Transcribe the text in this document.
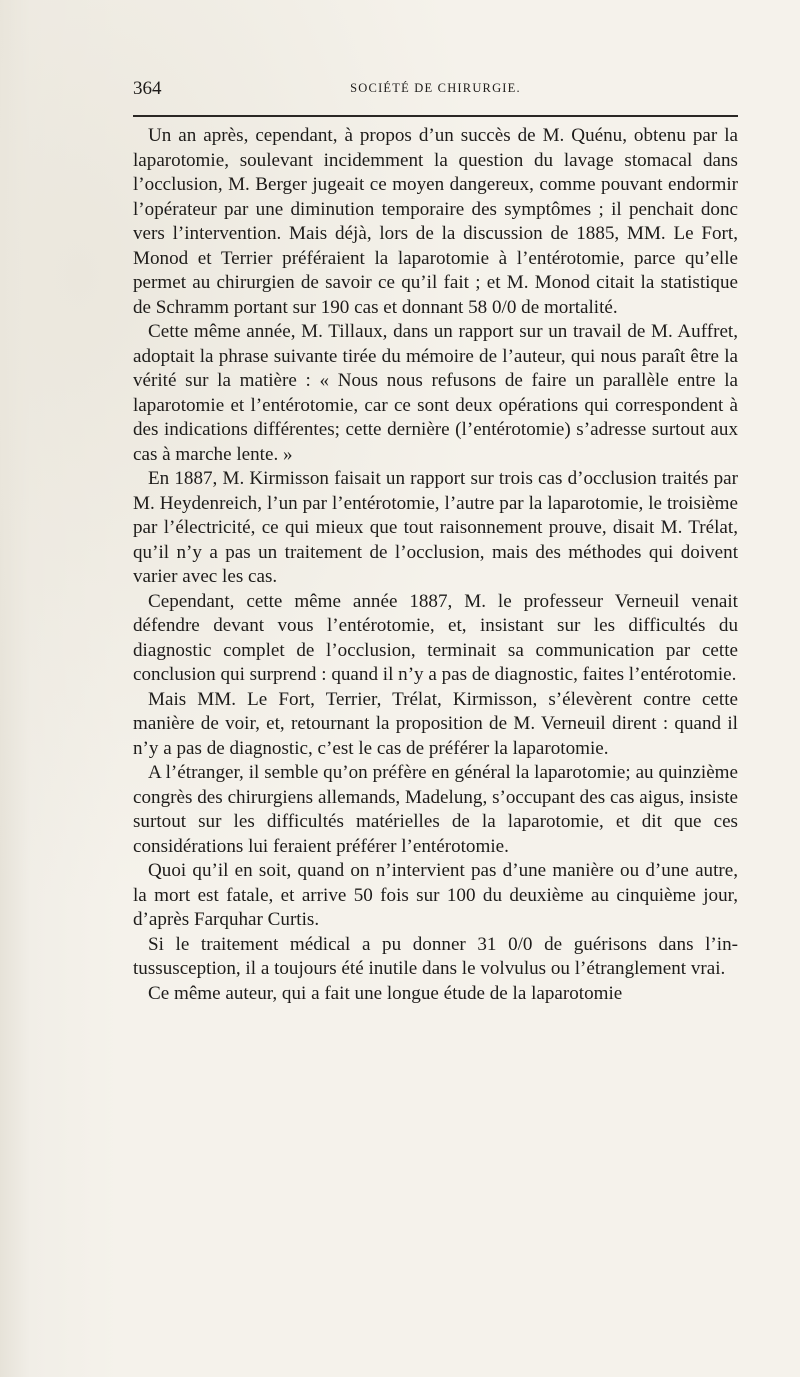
364	SOCIÉTÉ DE CHIRURGIE.

Un an après, cependant, à propos d’un succès de M. Quénu, obtenu par la laparotomie, soulevant incidemment la question du lavage stomacal dans l’occlusion, M. Berger jugeait ce moyen dangereux, comme pouvant endormir l’opérateur par une diminution temporaire des symptômes ; il penchait donc vers l’intervention. Mais déjà, lors de la discussion de 1885, MM. Le Fort, Monod et Terrier préféraient la laparotomie à l’entérotomie, parce qu’elle permet au chirurgien de savoir ce qu’il fait ; et M. Monod citait la statistique de Schramm portant sur 190 cas et donnant 58 0/0 de mortalité.

Cette même année, M. Tillaux, dans un rapport sur un travail de M. Auffret, adoptait la phrase suivante tirée du mémoire de l’auteur, qui nous paraît être la vérité sur la matière : « Nous nous refusons de faire un parallèle entre la laparotomie et l’entérotomie, car ce sont deux opérations qui correspondent à des indications différentes; cette dernière (l’entérotomie) s’adresse surtout aux cas à marche lente. »

En 1887, M. Kirmisson faisait un rapport sur trois cas d’occlusion traités par M. Heydenreich, l’un par l’entérotomie, l’autre par la laparotomie, le troisième par l’électricité, ce qui mieux que tout raisonnement prouve, disait M. Trélat, qu’il n’y a pas un traitement de l’occlusion, mais des méthodes qui doivent varier avec les cas.

Cependant, cette même année 1887, M. le professeur Verneuil venait défendre devant vous l’entérotomie, et, insistant sur les difficultés du diagnostic complet de l’occlusion, terminait sa communication par cette conclusion qui surprend : quand il n’y a pas de diagnostic, faites l’entérotomie.

Mais MM. Le Fort, Terrier, Trélat, Kirmisson, s’élevèrent contre cette manière de voir, et, retournant la proposition de M. Verneuil dirent : quand il n’y a pas de diagnostic, c’est le cas de préférer la laparotomie.

A l’étranger, il semble qu’on préfère en général la laparotomie; au quinzième congrès des chirurgiens allemands, Madelung, s’occupant des cas aigus, insiste surtout sur les difficultés matérielles de la laparotomie, et dit que ces considérations lui feraient préférer l’entérotomie.

Quoi qu’il en soit, quand on n’intervient pas d’une manière ou d’une autre, la mort est fatale, et arrive 50 fois sur 100 du deuxième au cinquième jour, d’après Farquhar Curtis.

Si le traitement médical a pu donner 31 0/0 de guérisons dans l’intussusception, il a toujours été inutile dans le volvulus ou l’étranglement vrai.

Ce même auteur, qui a fait une longue étude de la laparotomie
